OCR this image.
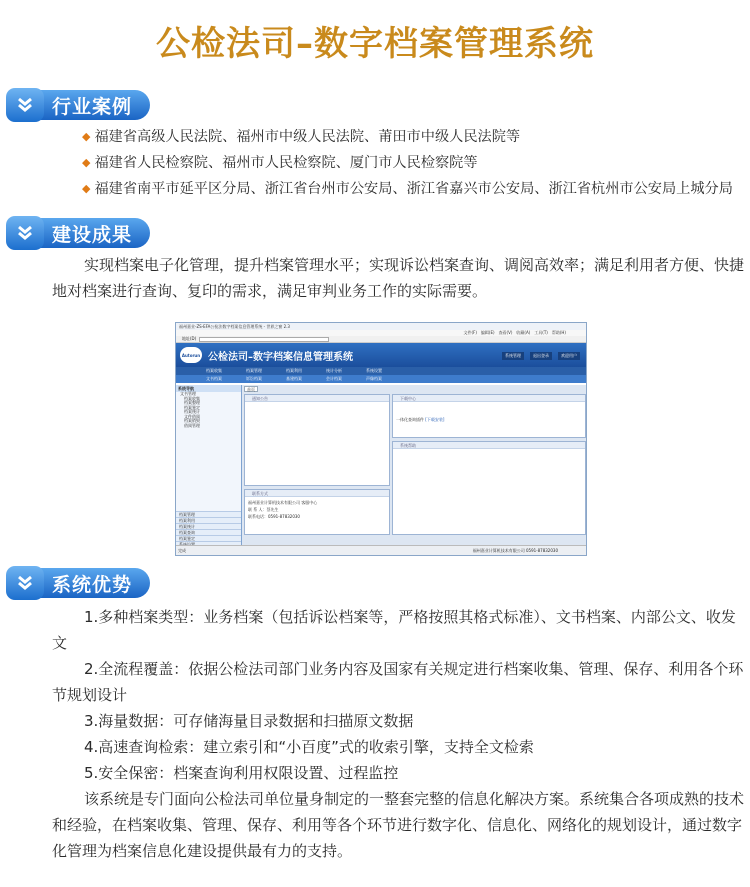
公检法司–数字档案管理系统
行业案例
◆ 福建省高级人民法院、福州市中级人民法院、莆田市中级人民法院等
◆ 福建省人民检察院、福州市人民检察院、厦门市人民检察院等
◆ 福建省南平市延平区分局、浙江省台州市公安局、浙江省嘉兴市公安局、浙江省杭州市公安局上城分局
建设成果

实现档案电子化管理，提升档案管理水平；实现诉讼档案查询、调阅高效率；满足利用者方便、快捷地对档案进行查询、复印的需求，满足审判业务工作的实际需要。

福州嘉业-ZS-EFA公检法数字档案信息管理系统 - 世界之窗 2.3
文件(F) 编辑(E) 查看(V) 收藏(A) 工具(T) 帮助(H)
地址(D)
Autorun 公检法司–数字档案信息管理系统	系统管理	退出登录	欢迎用户
档案收集	档案管理	档案利用	统计分析	系统设置
文书档案	诉讼档案	基建档案	会计档案	声像档案
系统导航
文书管理
档案收集
档案整理
档案鉴定
档案统计
文件借阅
档案销毁
借阅管理
档案管理
档案利用
档案统计
档案查询
档案鉴定
首页
通知公告	下载中心
一体化查询插件 [下载安装]
系统帮助
联系方式
福州嘉业计算机技术有限公司 客服中心
联 系 人：蔡先生
联系电话：0591-87832030
完成	福州嘉业计算机技术有限公司 0591-87832030
系统优势

1.多种档案类型：业务档案（包括诉讼档案等，严格按照其格式标准）、文书档案、内部公文、收发文

2.全流程覆盖：依据公检法司部门业务内容及国家有关规定进行档案收集、管理、保存、利用各个环节规划设计

3.海量数据：可存储海量目录数据和扫描原文数据

4.高速查询检索：建立索引和“小百度”式的收索引擎，支持全文检索

5.安全保密：档案查询利用权限设置、过程监控

该系统是专门面向公检法司单位量身制定的一整套完整的信息化解决方案。系统集合各项成熟的技术和经验，在档案收集、管理、保存、利用等各个环节进行数字化、信息化、网络化的规划设计，通过数字化管理为档案信息化建设提供最有力的支持。
